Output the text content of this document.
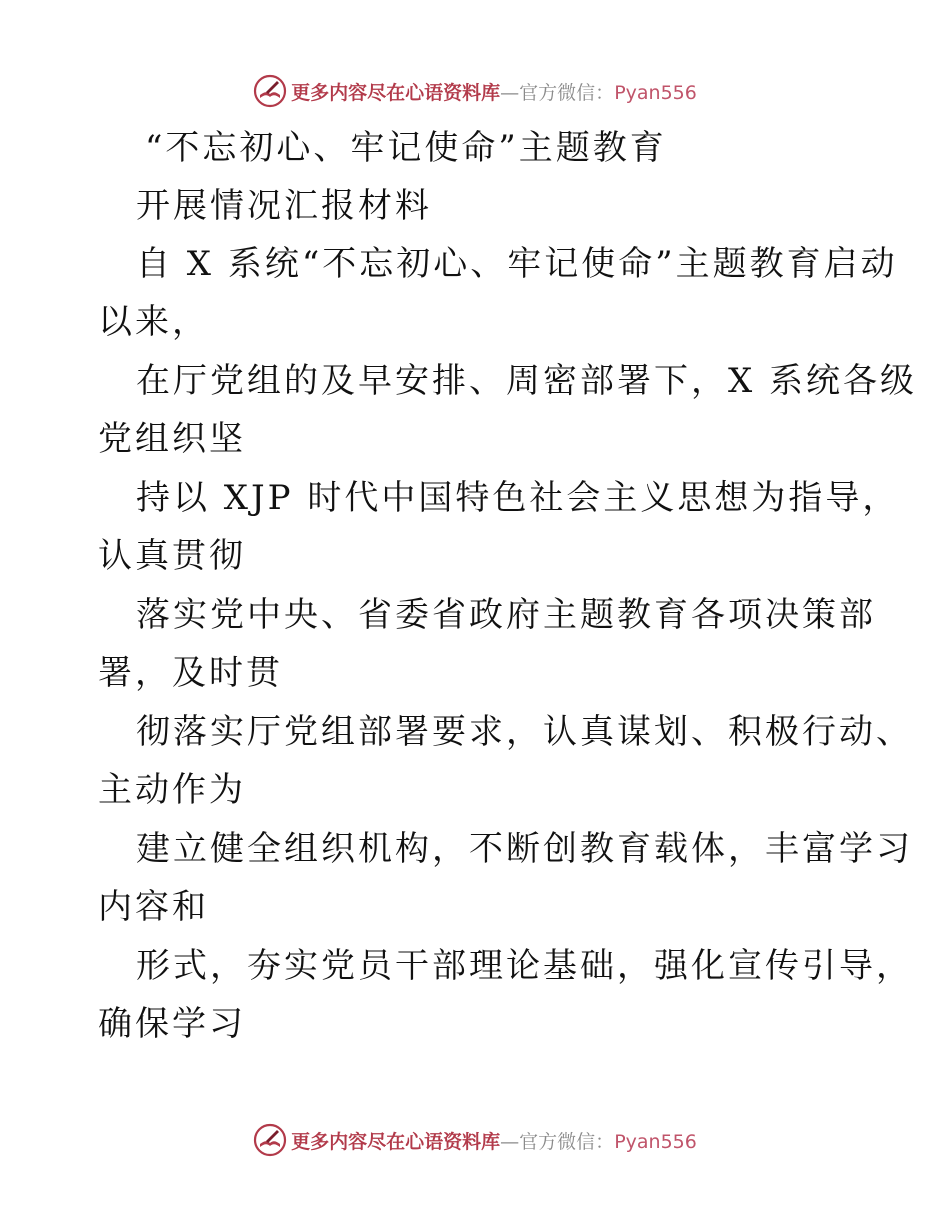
更多内容尽在心语资料库—官方微信：Pyan556
“不忘初心、牢记使命”主题教育
开展情况汇报材料
自 X 系统“不忘初心、牢记使命”主题教育启动
以来，
在厅党组的及早安排、周密部署下，X 系统各级
党组织坚
持以 XJP 时代中国特色社会主义思想为指导，
认真贯彻
落实党中央、省委省政府主题教育各项决策部
署，及时贯
彻落实厅党组部署要求，认真谋划、积极行动、
主动作为
建立健全组织机构，不断创教育载体，丰富学习
内容和
形式，夯实党员干部理论基础，强化宣传引导，
确保学习
更多内容尽在心语资料库—官方微信：Pyan556
